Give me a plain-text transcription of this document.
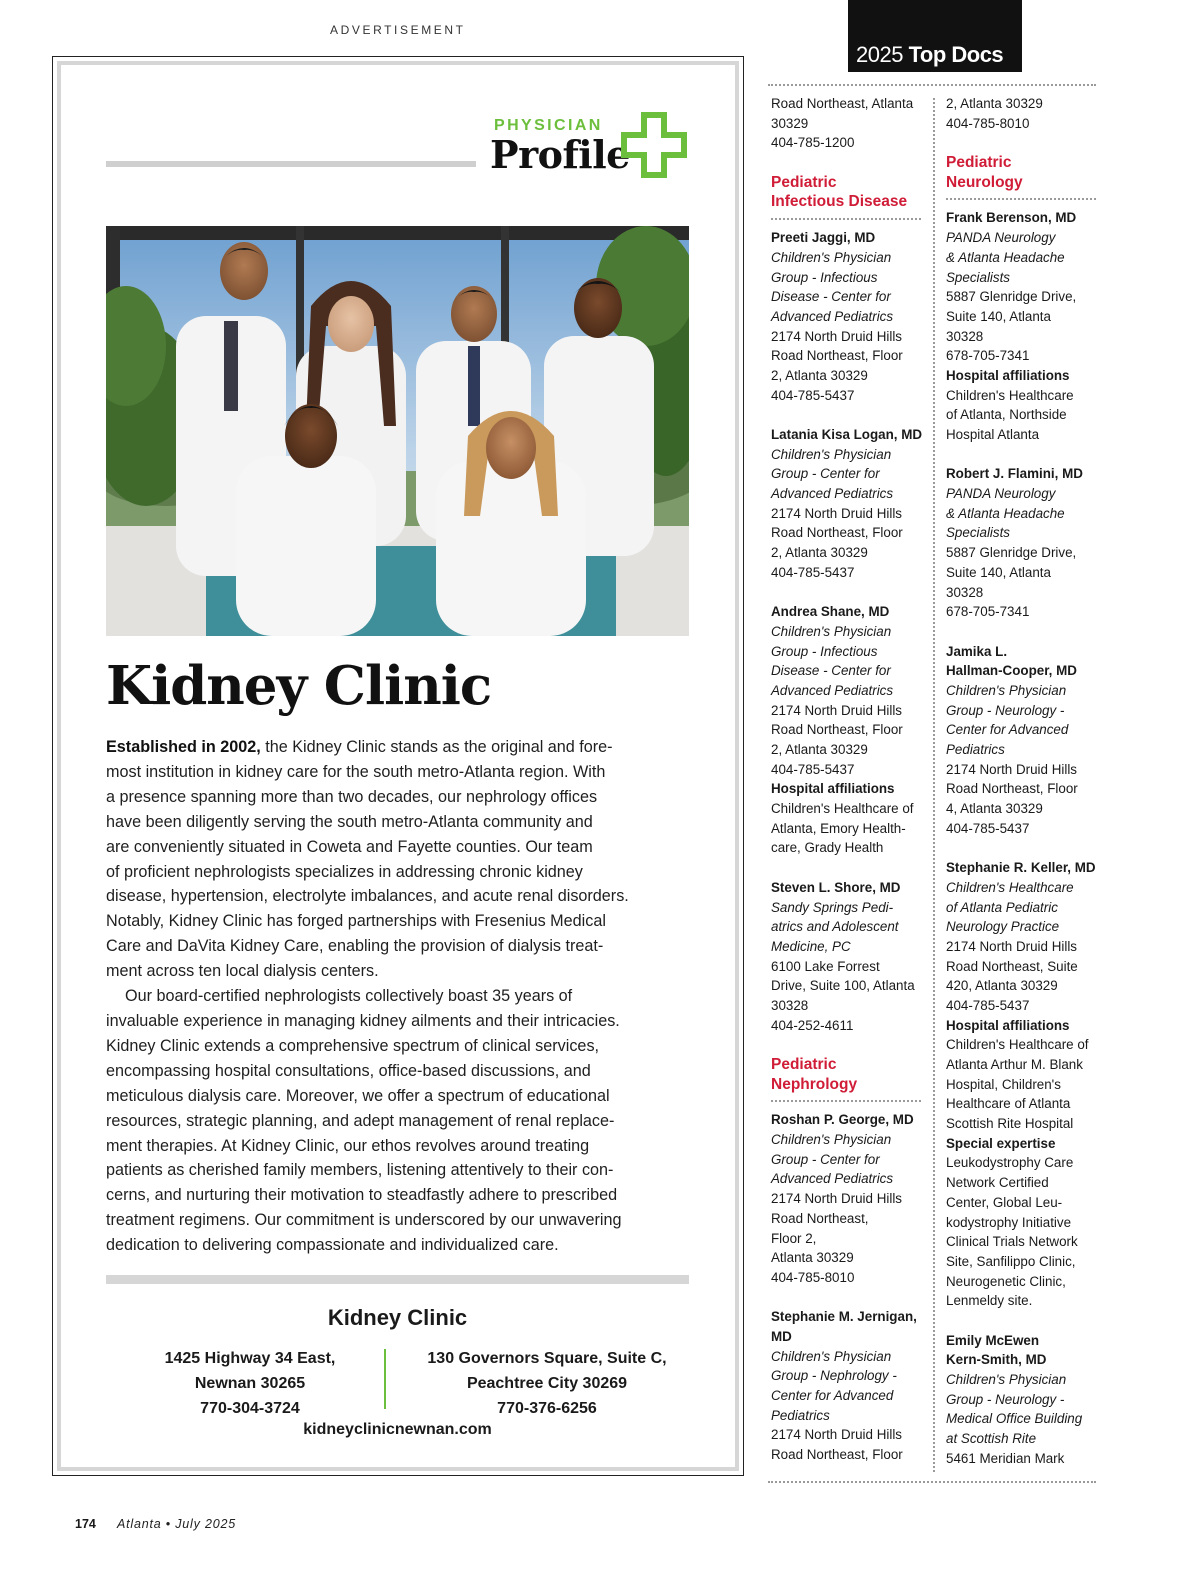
ADVERTISEMENT
PHYSICIAN
Profile
Kidney Clinic
Established in 2002, the Kidney Clinic stands as the original and fore-
most institution in kidney care for the south metro-Atlanta region. With
a presence spanning more than two decades, our nephrology offices
have been diligently serving the south metro-Atlanta community and
are conveniently situated in Coweta and Fayette counties. Our team
of proficient nephrologists specializes in addressing chronic kidney
disease, hypertension, electrolyte imbalances, and acute renal disorders.
Notably, Kidney Clinic has forged partnerships with Fresenius Medical
Care and DaVita Kidney Care, enabling the provision of dialysis treat-
ment across ten local dialysis centers.
Our board-certified nephrologists collectively boast 35 years of
invaluable experience in managing kidney ailments and their intricacies.
Kidney Clinic extends a comprehensive spectrum of clinical services,
encompassing hospital consultations, office-based discussions, and
meticulous dialysis care. Moreover, we offer a spectrum of educational
resources, strategic planning, and adept management of renal replace-
ment therapies. At Kidney Clinic, our ethos revolves around treating
patients as cherished family members, listening attentively to their con-
cerns, and nurturing their motivation to steadfastly adhere to prescribed
treatment regimens. Our commitment is underscored by our unwavering
dedication to delivering compassionate and individualized care.
Kidney Clinic
1425 Highway 34 East,
Newnan 30265
770-304-3724
130 Governors Square, Suite C,
Peachtree City 30269
770-376-6256
kidneyclinicnewnan.com
174 Atlanta • July 2025
2025 Top Docs
Road Northeast, Atlanta
30329
404-785-1200
Pediatric
Infectious Disease
Preeti Jaggi, MD
Children's Physician
Group - Infectious
Disease - Center for
Advanced Pediatrics
2174 North Druid Hills
Road Northeast, Floor
2, Atlanta 30329
404-785-5437
Latania Kisa Logan, MD
Children's Physician
Group - Center for
Advanced Pediatrics
2174 North Druid Hills
Road Northeast, Floor
2, Atlanta 30329
404-785-5437
Andrea Shane, MD
Children's Physician
Group - Infectious
Disease - Center for
Advanced Pediatrics
2174 North Druid Hills
Road Northeast, Floor
2, Atlanta 30329
404-785-5437
Hospital affiliations
Children's Healthcare of
Atlanta, Emory Health-
care, Grady Health
Steven L. Shore, MD
Sandy Springs Pedi-
atrics and Adolescent
Medicine, PC
6100 Lake Forrest
Drive, Suite 100, Atlanta
30328
404-252-4611
Pediatric
Nephrology
Roshan P. George, MD
Children's Physician
Group - Center for
Advanced Pediatrics
2174 North Druid Hills
Road Northeast,
Floor 2,
Atlanta 30329
404-785-8010
Stephanie M. Jernigan,
MD
Children's Physician
Group - Nephrology -
Center for Advanced
Pediatrics
2174 North Druid Hills
Road Northeast, Floor
2, Atlanta 30329
404-785-8010
Pediatric
Neurology
Frank Berenson, MD
PANDA Neurology
& Atlanta Headache
Specialists
5887 Glenridge Drive,
Suite 140, Atlanta
30328
678-705-7341
Hospital affiliations
Children's Healthcare
of Atlanta, Northside
Hospital Atlanta
Robert J. Flamini, MD
PANDA Neurology
& Atlanta Headache
Specialists
5887 Glenridge Drive,
Suite 140, Atlanta
30328
678-705-7341
Jamika L.
Hallman-Cooper, MD
Children's Physician
Group - Neurology -
Center for Advanced
Pediatrics
2174 North Druid Hills
Road Northeast, Floor
4, Atlanta 30329
404-785-5437
Stephanie R. Keller, MD
Children's Healthcare
of Atlanta Pediatric
Neurology Practice
2174 North Druid Hills
Road Northeast, Suite
420, Atlanta 30329
404-785-5437
Hospital affiliations
Children's Healthcare of
Atlanta Arthur M. Blank
Hospital, Children's
Healthcare of Atlanta
Scottish Rite Hospital
Special expertise
Leukodystrophy Care
Network Certified
Center, Global Leu-
kodystrophy Initiative
Clinical Trials Network
Site, Sanfilippo Clinic,
Neurogenetic Clinic,
Lenmeldy site.
Emily McEwen
Kern-Smith, MD
Children's Physician
Group - Neurology -
Medical Office Building
at Scottish Rite
5461 Meridian Mark
